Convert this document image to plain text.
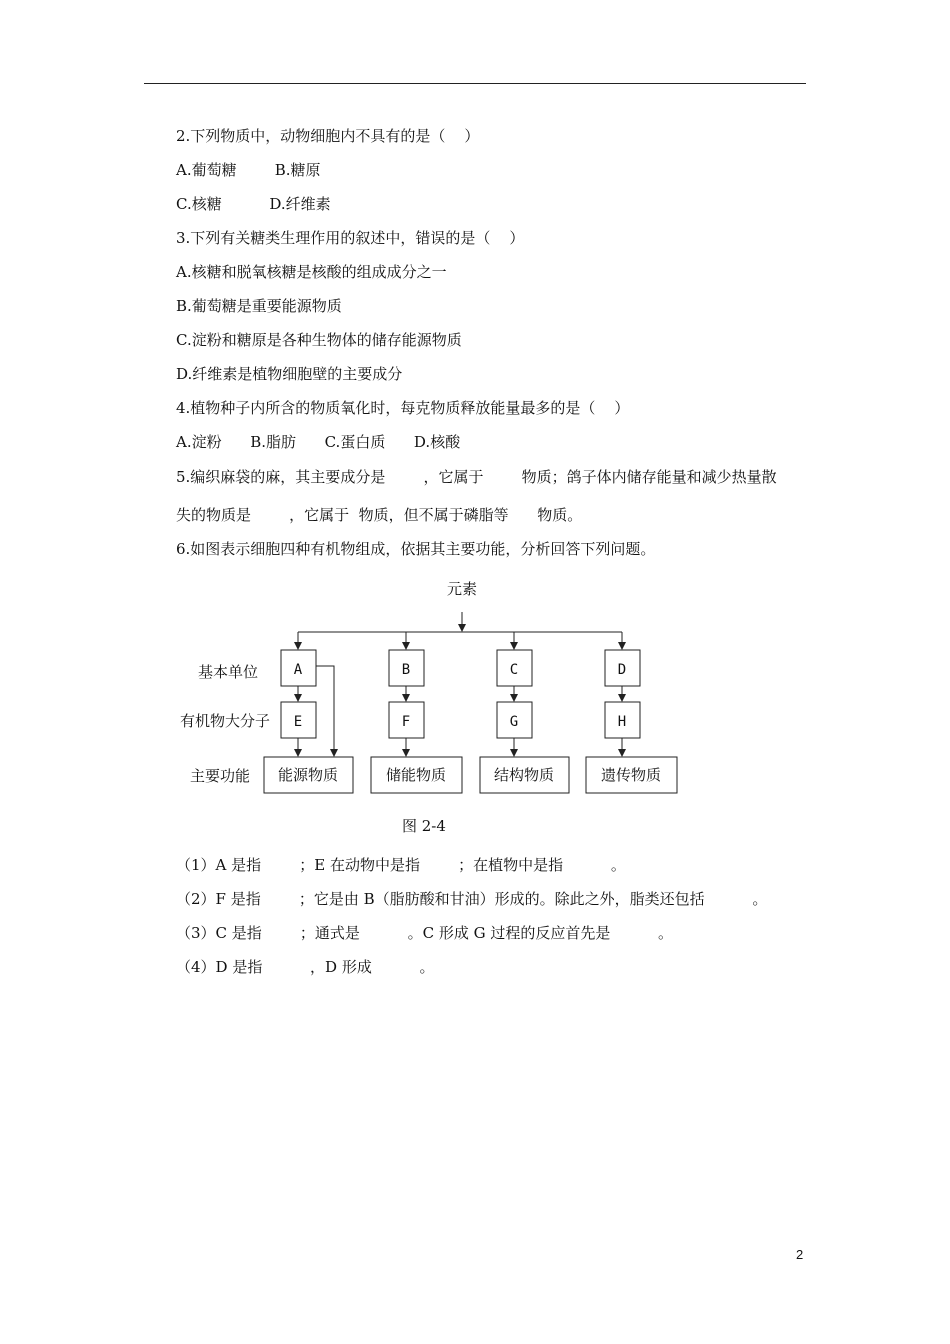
2.下列物质中，动物细胞内不具有的是（    ）
A.葡萄糖        B.糖原
C.核糖          D.纤维素
3.下列有关糖类生理作用的叙述中，错误的是（    ）
A.核糖和脱氧核糖是核酸的组成成分之一
B.葡萄糖是重要能源物质
C.淀粉和糖原是各种生物体的储存能源物质
D.纤维素是植物细胞壁的主要成分
4.植物种子内所含的物质氧化时，每克物质释放能量最多的是（    ）
A.淀粉      B.脂肪      C.蛋白质      D.核酸
5.编织麻袋的麻，其主要成分是        ，它属于        物质；鸽子体内储存能量和减少热量散
失的物质是        ，它属于  物质，但不属于磷脂等      物质。
6.如图表示细胞四种有机物组成，依据其主要功能，分析回答下列问题。
元素
基本单位
有机物大分子
主要功能
A	B	C	D
E	F	G	H
能源物质	储能物质	结构物质	遗传物质
图 2-4
（1）A 是指        ；E 在动物中是指        ；在植物中是指          。
（2）F 是指        ；它是由 B（脂肪酸和甘油）形成的。除此之外，脂类还包括          。
（3）C 是指        ；通式是          。C 形成 G 过程的反应首先是          。
（4）D 是指          ，D 形成          。
2
